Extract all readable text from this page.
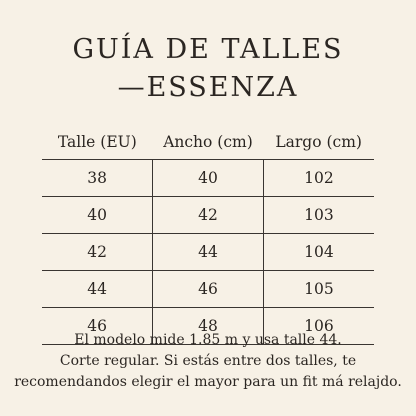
GUÍA DE TALLES
—ESSENZA
Talle (EU)	Ancho (cm)	Largo (cm)
38	40	102
40	42	103
42	44	104
44	46	105
46	48	106

El modelo mide 1.85 m y usa talle 44.

Corte regular. Si estás entre dos talles, te

recomendandos elegir el mayor para un fit má relajdo.
